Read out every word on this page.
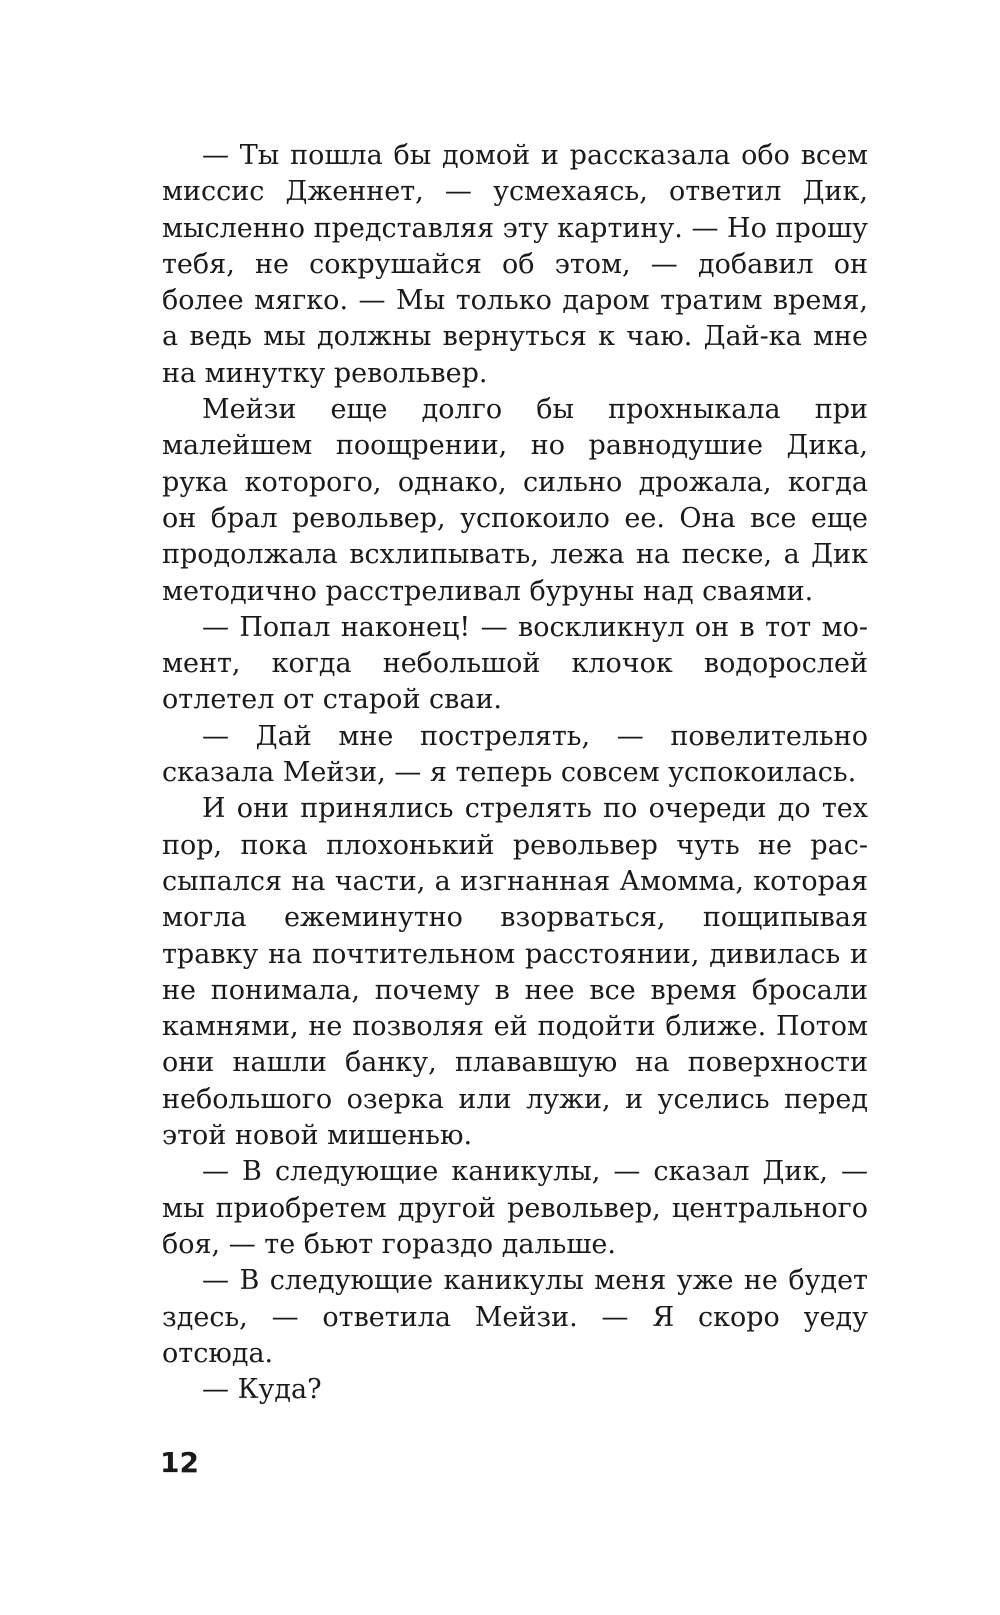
— Ты пошла бы домой и рассказала обо всем миссис Дженнет, — усмехаясь, ответил Дик, мысленно представляя эту картину. — Но прошу тебя, не сокрушайся об этом, — добавил он более мягко. — Мы только даром тратим время, а ведь мы должны вернуться к чаю. Дай-ка мне на минутку револьвер.

Мейзи еще долго бы прохныкала при малейшем поощрении, но равнодушие Дика, рука которого, однако, сильно дрожала, когда он брал револьвер, успокоило ее. Она все еще продолжала всхлипывать, лежа на песке, а Дик методично расстреливал буруны над сваями.

— Попал наконец! — воскликнул он в тот момент, когда небольшой клочок водорослей отлетел от старой сваи.

— Дай мне пострелять, — повелительно сказала Мейзи, — я теперь совсем успокоилась.

И они принялись стрелять по очереди до тех пор, пока плохонький револьвер чуть не рассыпался на части, а изгнанная Амомма, которая могла ежеминутно взорваться, пощипывая травку на почтительном расстоянии, дивилась и не понимала, почему в нее все время бросали камнями, не позволяя ей подойти ближе. Потом они нашли банку, плававшую на поверхности небольшого озерка или лужи, и уселись перед этой новой мишенью.

— В следующие каникулы, — сказал Дик, — мы приобретем другой револьвер, центрального боя, — те бьют гораздо дальше.

— В следующие каникулы меня уже не будет здесь, — ответила Мейзи. — Я скоро уеду отсюда.

— Куда?

12
